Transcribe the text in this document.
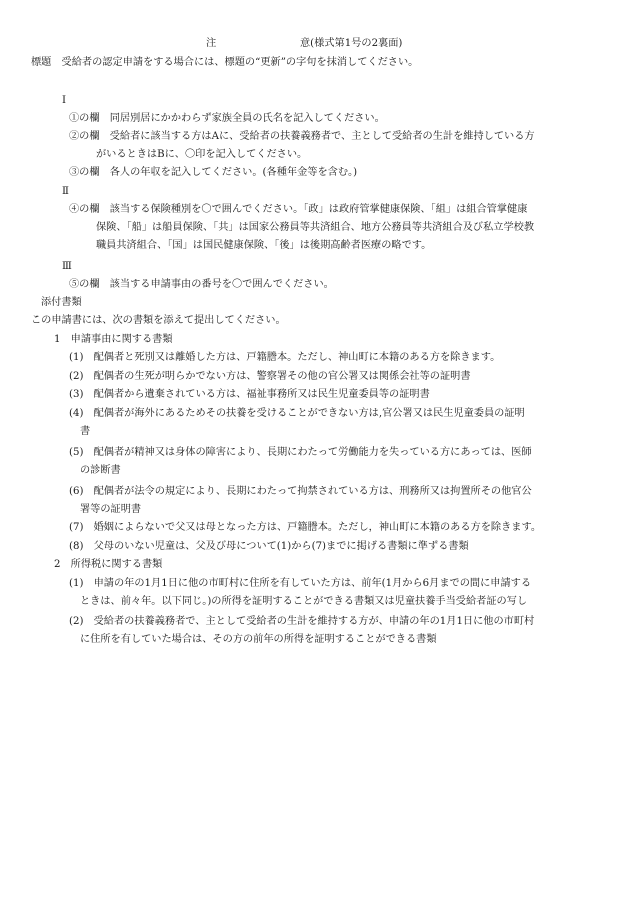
注	意(様式第1号の2裏面)
標題　受給者の認定申請をする場合には、標題の“更新”の字句を抹消してください。
Ⅰ
①の欄　同居別居にかかわらず家族全員の氏名を記入してください。
②の欄　受給者に該当する方はAに、受給者の扶養義務者で、主として受給者の生計を維持している方
がいるときはBに、〇印を記入してください。
③の欄　各人の年収を記入してください。(各種年金等を含む。)
Ⅱ
④の欄　該当する保険種別を〇で囲んでください。「政」は政府管掌健康保険、「組」は組合管掌健康
保険、「船」は船員保険、「共」は国家公務員等共済組合、地方公務員等共済組合及び私立学校教
職員共済組合、「国」は国民健康保険、「後」は後期高齢者医療の略です。
Ⅲ
⑤の欄　該当する申請事由の番号を〇で囲んでください。
添付書類
この申請書には、次の書類を添えて提出してください。
1　申請事由に関する書類
(1)　配偶者と死別又は離婚した方は、戸籍謄本。ただし、神山町に本籍のある方を除きます。
(2)　配偶者の生死が明らかでない方は、警察署その他の官公署又は関係会社等の証明書
(3)　配偶者から遺棄されている方は、福祉事務所又は民生児童委員等の証明書
(4)　配偶者が海外にあるためその扶養を受けることができない方は,官公署又は民生児童委員の証明
書
(5)　配偶者が精神又は身体の障害により、長期にわたって労働能力を失っている方にあっては、医師
の診断書
(6)　配偶者が法令の規定により、長期にわたって拘禁されている方は、刑務所又は拘置所その他官公
署等の証明書
(7)　婚姻によらないで父又は母となった方は、戸籍謄本。ただし，神山町に本籍のある方を除きます。
(8)　父母のいない児童は、父及び母について(1)から(7)までに掲げる書類に準ずる書類
2　所得税に関する書類
(1)　申請の年の1月1日に他の市町村に住所を有していた方は、前年(1月から6月までの間に申請する
ときは、前々年。以下同じ。)の所得を証明することができる書類又は児童扶養手当受給者証の写し
(2)　受給者の扶養義務者で、主として受給者の生計を維持する方が、申請の年の1月1日に他の市町村
に住所を有していた場合は、その方の前年の所得を証明することができる書類
